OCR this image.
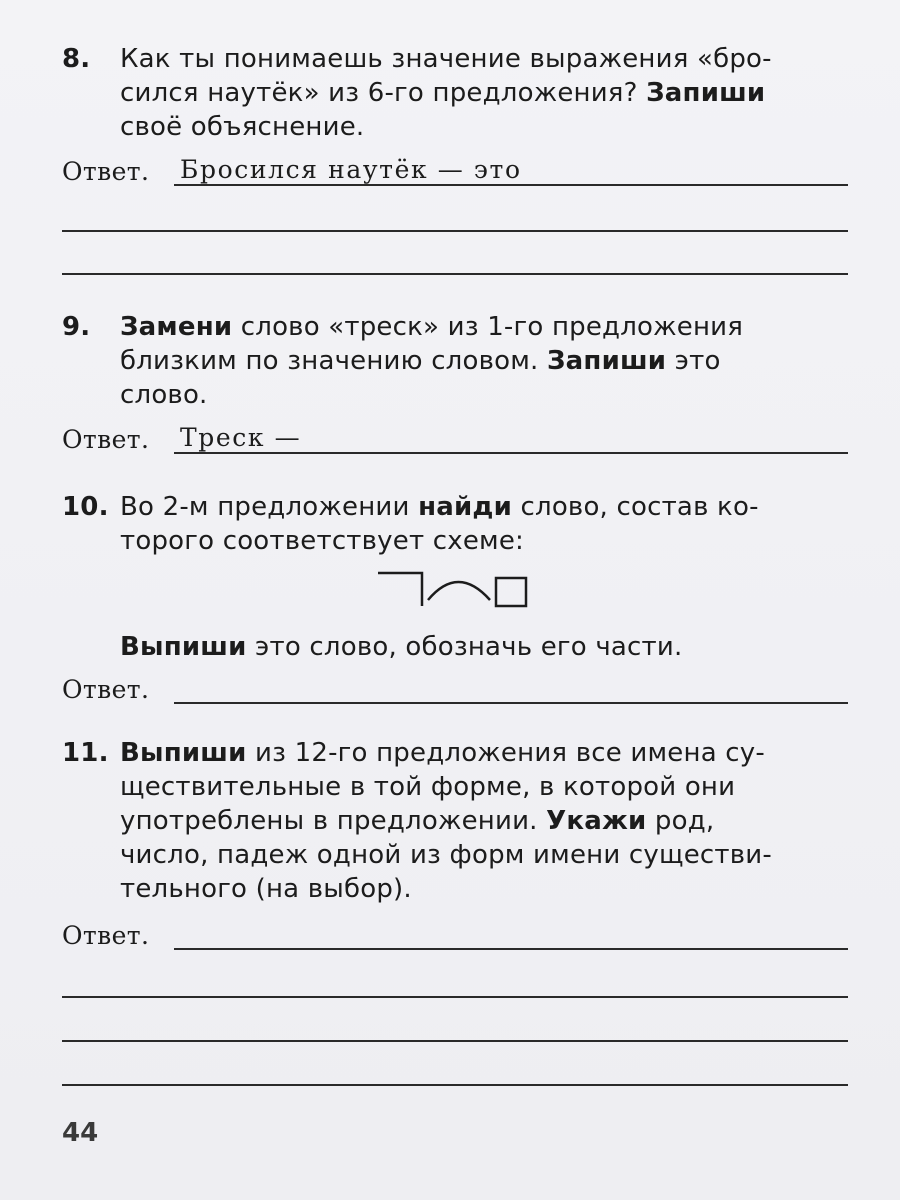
8. Как ты понимаешь значение выражения «бро-
сился наутёк» из 6-го предложения? Запиши
своё объяснение.
Ответ. Бросился наутёк — это
9. Замени слово «треск» из 1-го предложения
близким по значению словом. Запиши это
слово.
Ответ. Треск —
10. Во 2-м предложении найди слово, состав ко-
торого соответствует схеме:
Выпиши это слово, обозначь его части.
Ответ.
11. Выпиши из 12-го предложения все имена су-
ществительные в той форме, в которой они
употреблены в предложении. Укажи род,
число, падеж одной из форм имени существи-
тельного (на выбор).
Ответ.
44
